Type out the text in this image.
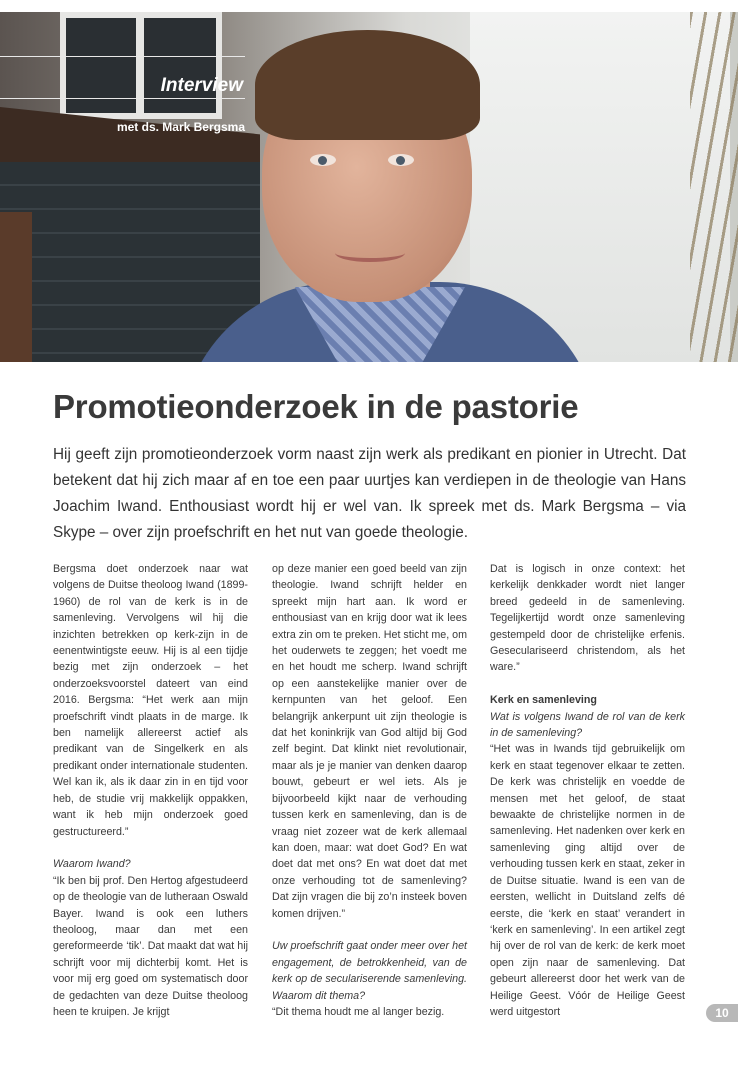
Interview
met ds. Mark Bergsma
Promotieonderzoek in de pastorie

Hij geeft zijn promotieonderzoek vorm naast zijn werk als predikant en pionier in Utrecht. Dat betekent dat hij zich maar af en toe een paar uurtjes kan verdiepen in de theologie van Hans Joachim Iwand. Enthousiast wordt hij er wel van. Ik spreek met ds. Mark Bergsma – via Skype – over zijn proefschrift en het nut van goede theologie.

Bergsma doet onderzoek naar wat volgens de Duitse theoloog Iwand (1899-1960) de rol van de kerk is in de samenleving. Vervolgens wil hij die inzichten betrekken op kerk-zijn in de eenentwintigste eeuw. Hij is al een tijdje bezig met zijn onderzoek – het onderzoeksvoorstel dateert van eind 2016. Bergsma: “Het werk aan mijn proefschrift vindt plaats in de marge. Ik ben namelijk allereerst actief als predikant van de Singelkerk en als predikant onder internationale studenten. Wel kan ik, als ik daar zin in en tijd voor heb, de studie vrij makkelijk oppakken, want ik heb mijn onderzoek goed gestructureerd.”

Waarom Iwand?

“Ik ben bij prof. Den Hertog afgestudeerd op de theologie van de lutheraan Oswald Bayer. Iwand is ook een luthers theoloog, maar dan met een gereformeerde ‘tik’. Dat maakt dat wat hij schrijft voor mij dichterbij komt. Het is voor mij erg goed om systematisch door de gedachten van deze Duitse theoloog heen te kruipen. Je krijgt

op deze manier een goed beeld van zijn theologie. Iwand schrijft helder en spreekt mijn hart aan. Ik word er enthousiast van en krijg door wat ik lees extra zin om te preken. Het sticht me, om het ouderwets te zeggen; het voedt me en het houdt me scherp. Iwand schrijft op een aanstekelijke manier over de kernpunten van het geloof. Een belangrijk ankerpunt uit zijn theologie is dat het koninkrijk van God altijd bij God zelf begint. Dat klinkt niet revolutionair, maar als je je manier van denken daarop bouwt, gebeurt er wel iets. Als je bijvoorbeeld kijkt naar de verhouding tussen kerk en samenleving, dan is de vraag niet zozeer wat de kerk allemaal kan doen, maar: wat doet God? En wat doet dat met ons? En wat doet dat met onze verhouding tot de samenleving? Dat zijn vragen die bij zo’n insteek boven komen drijven.”

Uw proefschrift gaat onder meer over het engagement, de betrokkenheid, van de kerk op de seculariserende samenleving. Waarom dit thema?

“Dit thema houdt me al langer bezig.

Dat is logisch in onze context: het kerkelijk denkkader wordt niet langer breed gedeeld in de samenleving. Tegelijkertijd wordt onze samenleving gestempeld door de christelijke erfenis. Geseculariseerd christendom, als het ware.”

Kerk en samenleving

Wat is volgens Iwand de rol van de kerk in de samenleving?

“Het was in Iwands tijd gebruikelijk om kerk en staat tegenover elkaar te zetten. De kerk was christelijk en voedde de mensen met het geloof, de staat bewaakte de christelijke normen in de samenleving. Het nadenken over kerk en samenleving ging altijd over de verhouding tussen kerk en staat, zeker in de Duitse situatie. Iwand is een van de eersten, wellicht in Duitsland zelfs dé eerste, die ‘kerk en staat’ verandert in ‘kerk en samenleving’. In een artikel zegt hij over de rol van de kerk: de kerk moet open zijn naar de samenleving. Dat gebeurt allereerst door het werk van de Heilige Geest. Vóór de Heilige Geest werd uitgestort	10
